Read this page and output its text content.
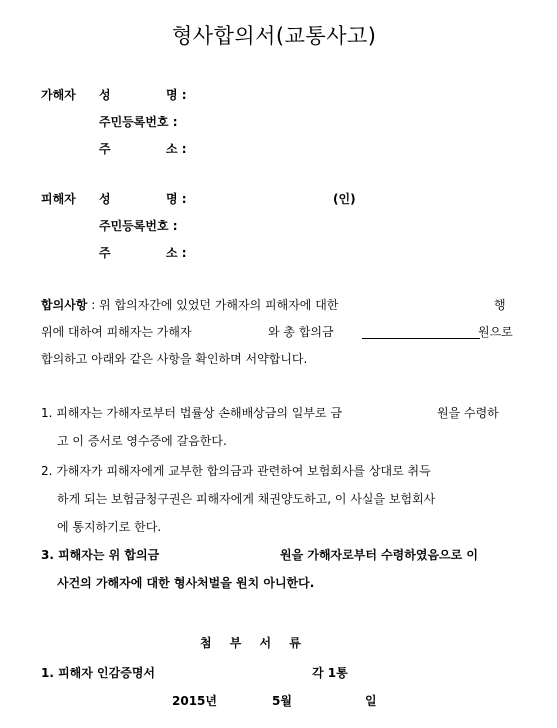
형사합의서(교통사고)
가해자 성	명 :
주민등록번호 :
주	소 :
피해자 성	명 :	(인)
주민등록번호 :
주	소 :
합의사항 : 위 합의자간에 있었던 가해자의 피해자에 대한	행
위에 대하여 피해자는 가해자	와 총 합의금	원으로
합의하고 아래와 같은 사항을 확인하며 서약합니다.
1. 피해자는 가해자로부터 법률상 손해배상금의 일부로 금	원을 수령하
고 이 증서로 영수증에 갈음한다.
2. 가해자가 피해자에게 교부한 합의금과 관련하여 보험회사를 상대로 취득
하게 되는 보험금청구권은 피해자에게 채권양도하고, 이 사실을 보험회사
에 통지하기로 한다.
3. 피해자는 위 합의금	원을 가해자로부터 수령하였음으로 이
사건의 가해자에 대한 형사처벌을 원치 아니한다.
첨 부 서 류
1. 피해자 인감증명서	각 1통
2015년	5월	일
